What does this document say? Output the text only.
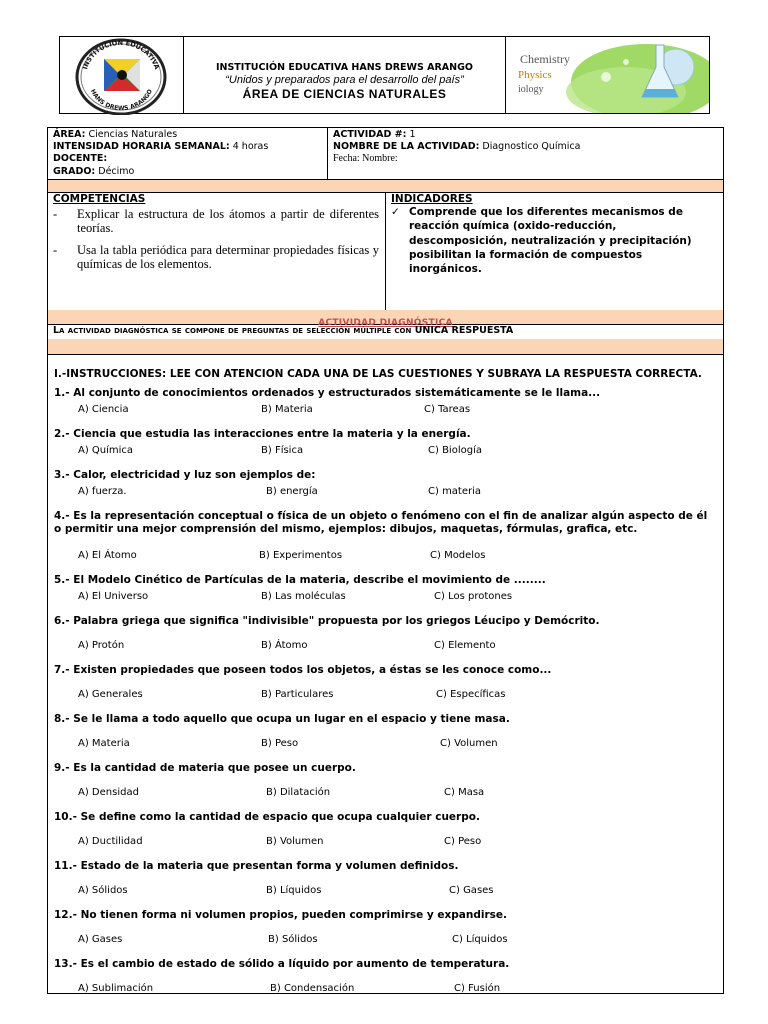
INSTITUCIÓN EDUCATIVA
HANS DREWS ARANGO
INSTITUCIÓN EDUCATIVA HANS DREWS ARANGO
“Unidos y preparados para el desarrollo del país”
ÁREA DE CIENCIAS NATURALES
Chemistry
Physics
iology
ÁREA: Ciencias Naturales
INTENSIDAD HORARIA SEMANAL: 4 horas
DOCENTE:
GRADO: Décimo
ACTIVIDAD #: 1
NOMBRE DE LA ACTIVIDAD: Diagnostico Química
Fecha: Nombre:
COMPETENCIAS
-	Explicar la estructura de los átomos a partir de diferentes teorías.
-	Usa la tabla periódica para determinar propiedades físicas y químicas de los elementos.
INDICADORES
✓ Comprende que los diferentes mecanismos de reacción química (oxido-reducción, descomposición, neutralización y precipitación) posibilitan la formación de compuestos inorgánicos.
ACTIVIDAD DIAGNÓSTICA
La actividad diagnóstica se compone de preguntas de selección múltiple con ÚNICA RESPUESTA
I.-INSTRUCCIONES: LEE CON ATENCION CADA UNA DE LAS CUESTIONES Y SUBRAYA LA RESPUESTA CORRECTA.
1.- Al conjunto de conocimientos ordenados y estructurados sistemáticamente se le llama...
A) Ciencia	B) Materia	C) Tareas
2.- Ciencia que estudia las interacciones entre la materia y la energía.
A) Química	B) Física	C) Biología
3.- Calor, electricidad y luz son ejemplos de:
A) fuerza.	B) energía	C) materia
4.- Es la representación conceptual o física de un objeto o fenómeno con el fin de analizar algún aspecto de él o permitir una mejor comprensión del mismo, ejemplos: dibujos, maquetas, fórmulas, grafica, etc.
A) El Átomo	B) Experimentos	C) Modelos
5.- El Modelo Cinético de Partículas de la materia, describe el movimiento de ........
A) El Universo	B) Las moléculas	C) Los protones
6.- Palabra griega que significa "indivisible" propuesta por los griegos Léucipo y Demócrito.
A) Protón	B) Átomo	C) Elemento
7.- Existen propiedades que poseen todos los objetos, a éstas se les conoce como...
A) Generales	B) Particulares	C) Específicas
8.- Se le llama a todo aquello que ocupa un lugar en el espacio y tiene masa.
A) Materia	B) Peso	C) Volumen
9.- Es la cantidad de materia que posee un cuerpo.
A) Densidad	B) Dilatación	C) Masa
10.- Se define como la cantidad de espacio que ocupa cualquier cuerpo.
A) Ductilidad	B) Volumen	C) Peso
11.- Estado de la materia que presentan forma y volumen definidos.
A) Sólidos	B) Líquidos	C) Gases
12.- No tienen forma ni volumen propios, pueden comprimirse y expandirse.
A) Gases	B) Sólidos	C) Líquidos
13.- Es el cambio de estado de sólido a líquido por aumento de temperatura.
A) Sublimación	B) Condensación	C) Fusión
